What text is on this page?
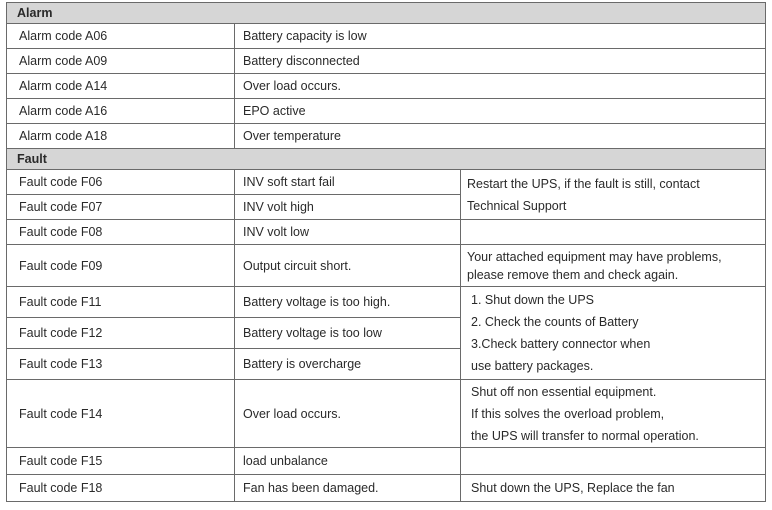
Alarm		
Alarm code A06	Battery capacity is low	
Alarm code A09	Battery disconnected	
Alarm code A14	Over load occurs.	
Alarm code A16	EPO active	
Alarm code A18	Over temperature	
Fault		
Fault code F06	INV soft start fail	Restart the UPS, if the fault is still, contact
Technical Support

Fault code F07	INV volt high	
Fault code F08	INV volt low	
Fault code F09	Output circuit short.	Your attached equipment may have problems,
please remove them and check again.

Fault code F11	Battery voltage is too high.	1. Shut down the UPS
2. Check the counts of Battery
3.Check battery connector when
use battery packages.

Fault code F12	Battery voltage is too low	
Fault code F13	Battery is overcharge	
Fault code F14	Over load occurs.	Shut off non essential equipment.
If this solves the overload problem,
the UPS will transfer to normal operation.

Fault code F15	load unbalance	
Fault code F18	Fan has been damaged.	Shut down the UPS, Replace the fan
